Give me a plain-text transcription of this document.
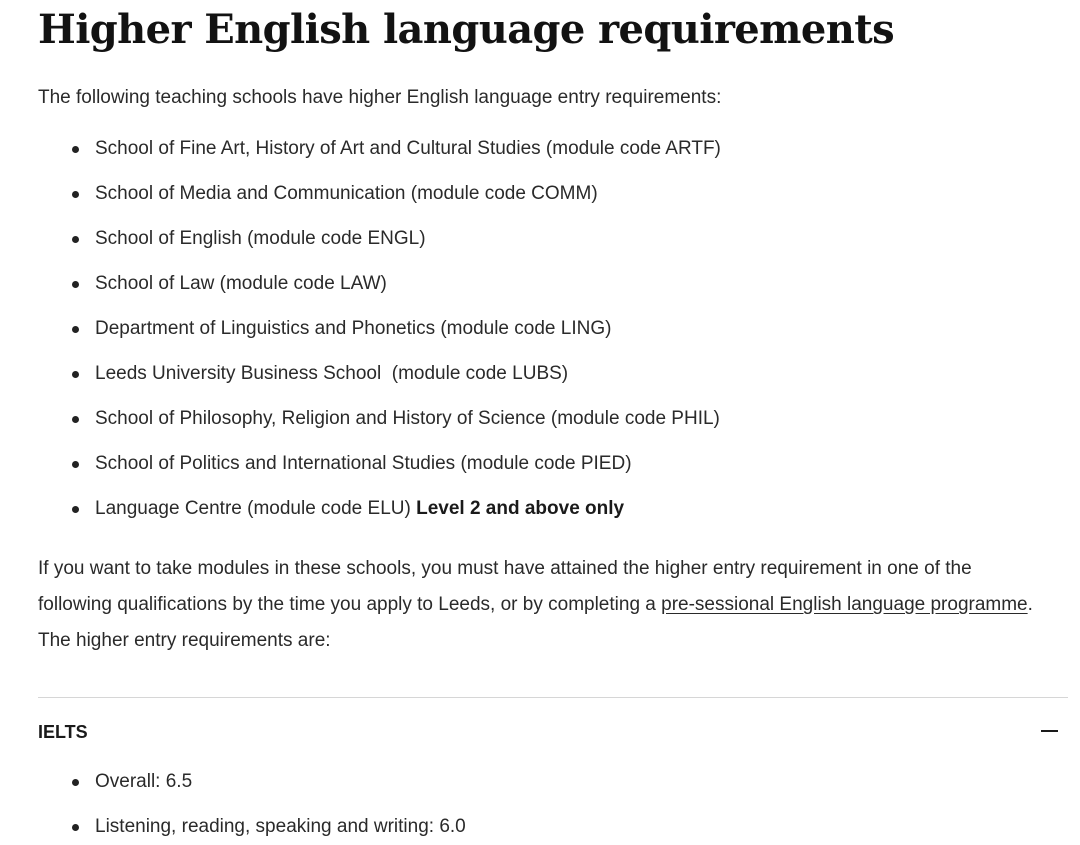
Higher English language requirements

The following teaching schools have higher English language entry requirements:

School of Fine Art, History of Art and Cultural Studies (module code ARTF)
School of Media and Communication (module code COMM)
School of English (module code ENGL)
School of Law (module code LAW)
Department of Linguistics and Phonetics (module code LING)
Leeds University Business School  (module code LUBS)
School of Philosophy, Religion and History of Science (module code PHIL)
School of Politics and International Studies (module code PIED)
Language Centre (module code ELU) Level 2 and above only

If you want to take modules in these schools, you must have attained the higher entry requirement in one of the following qualifications by the time you apply to Leeds, or by completing a pre-sessional English language programme. The higher entry requirements are:

IELTS
Overall: 6.5
Listening, reading, speaking and writing: 6.0
